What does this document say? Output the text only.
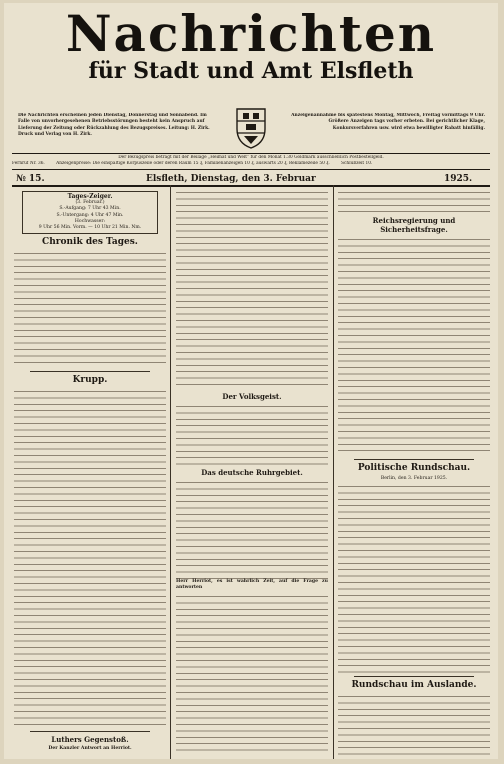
Nachrichten
für Stadt und Amt Elsfleth
Die Nachrichten erscheinen jeden Dienstag, Donnerstag und Sonnabend. Im Falle von unvorhergesehenen Betriebsstörungen besteht kein Anspruch auf Lieferung der Zeitung oder Rückzahlung des Bezugspreises. Leitung: H. Zirk. Druck und Verlag von H. Zirk.
Anzeigenannahme bis spätestens Montag, Mittwoch, Freitag vormittags 9 Uhr. Größere Anzeigen tags vorher erbeten. Bei gerichtlicher Klage, Konkursverfahren usw. wird etwa bewilligter Rabatt hinfällig.
Der Bezugspreis beträgt mit der Beilage „Heimat und Welt“ für den Monat 1.30 Goldmark ausschließlich Postbestellgeld.
Fernruf Nr. 36.	Anzeigenpreise: Die einspaltige Korpuszeile oder deren Raum 15 ₰, Familienanzeigen 10 ₰, auswärts 20 ₰, Reklamezeile 50 ₰.	Schlußzeit 10.
№ 15.	Elsfleth, Dienstag, den 3. Februar	1925.
Tages-Zeiger.
(3. Februar.)
S.-Aufgang: 7 Uhr 43 Min.
S.-Untergang: 4 Uhr 47 Min.
Hochwasser:
9 Uhr 56 Min. Vorm. — 10 Uhr 21 Min. Nm.
Chronik des Tages.
Krupp.
Luthers Gegenstoß.
Der Kanzler Antwort an Herriot.
Der Volksgeist.
Das deutsche Ruhrgebiet.
Herr Herriot, es ist wahrlich Zeit, auf die Frage zu antworten
Reichsregierung und Sicherheitsfrage.
Politische Rundschau.
Berlin, den 3. Februar 1925.
Rundschau im Auslande.
